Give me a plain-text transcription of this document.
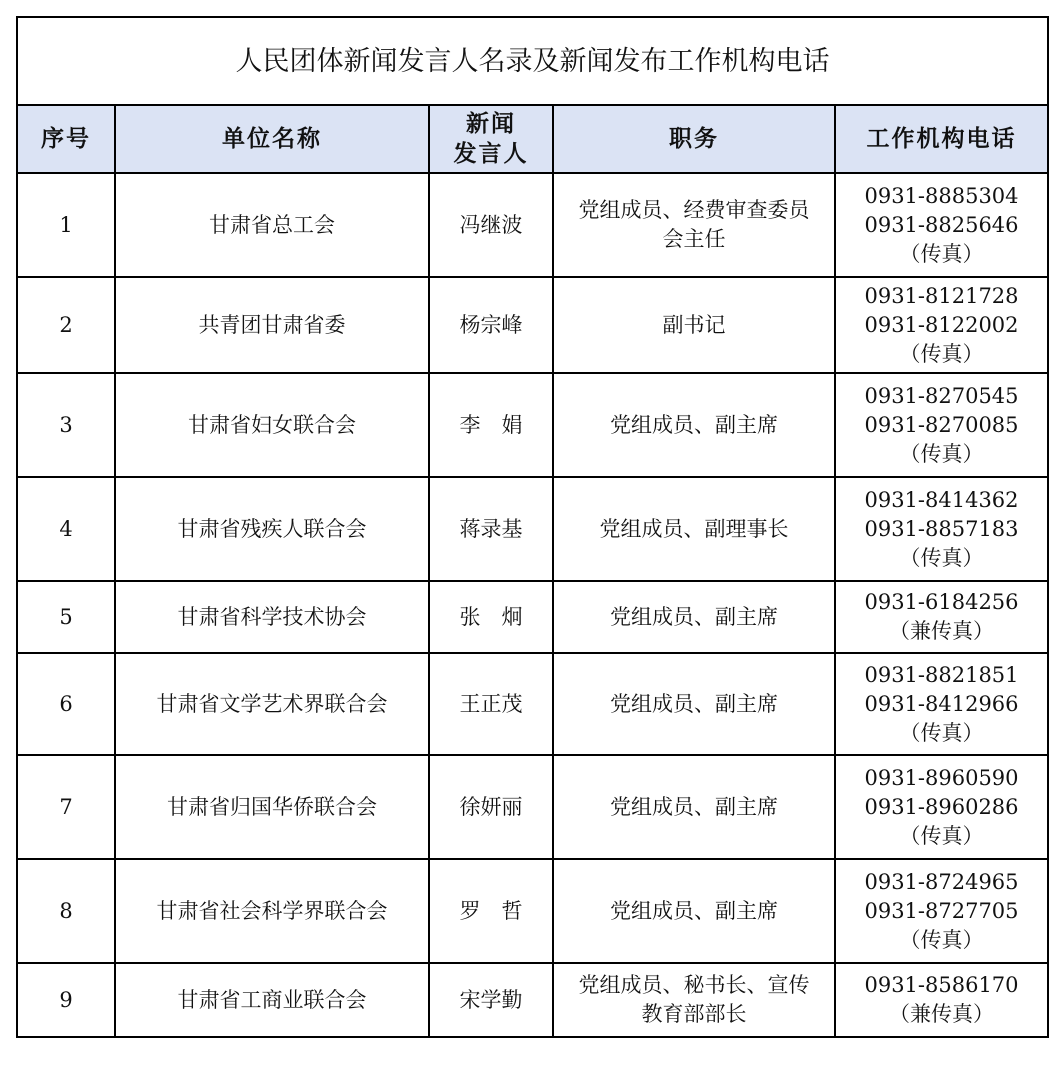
人民团体新闻发言人名录及新闻发布工作机构电话				
序号	单位名称	新闻
发言人	职务	工作机构电话
1	甘肃省总工会	冯继波	党组成员、经费审查委员
会主任	0931-8885304
0931-8825646
（传真）

2	共青团甘肃省委	杨宗峰	副书记	0931-8121728
0931-8122002
（传真）

3	甘肃省妇女联合会	李　娟	党组成员、副主席	0931-8270545
0931-8270085
（传真）

4	甘肃省残疾人联合会	蒋录基	党组成员、副理事长	0931-8414362
0931-8857183
（传真）

5	甘肃省科学技术协会	张　炯	党组成员、副主席	0931-6184256
（兼传真）

6	甘肃省文学艺术界联合会	王正茂	党组成员、副主席	0931-8821851
0931-8412966
（传真）

7	甘肃省归国华侨联合会	徐妍丽	党组成员、副主席	0931-8960590
0931-8960286
（传真）

8	甘肃省社会科学界联合会	罗　哲	党组成员、副主席	0931-8724965
0931-8727705
（传真）

9	甘肃省工商业联合会	宋学勤	党组成员、秘书长、宣传
教育部部长	0931-8586170
（兼传真）
